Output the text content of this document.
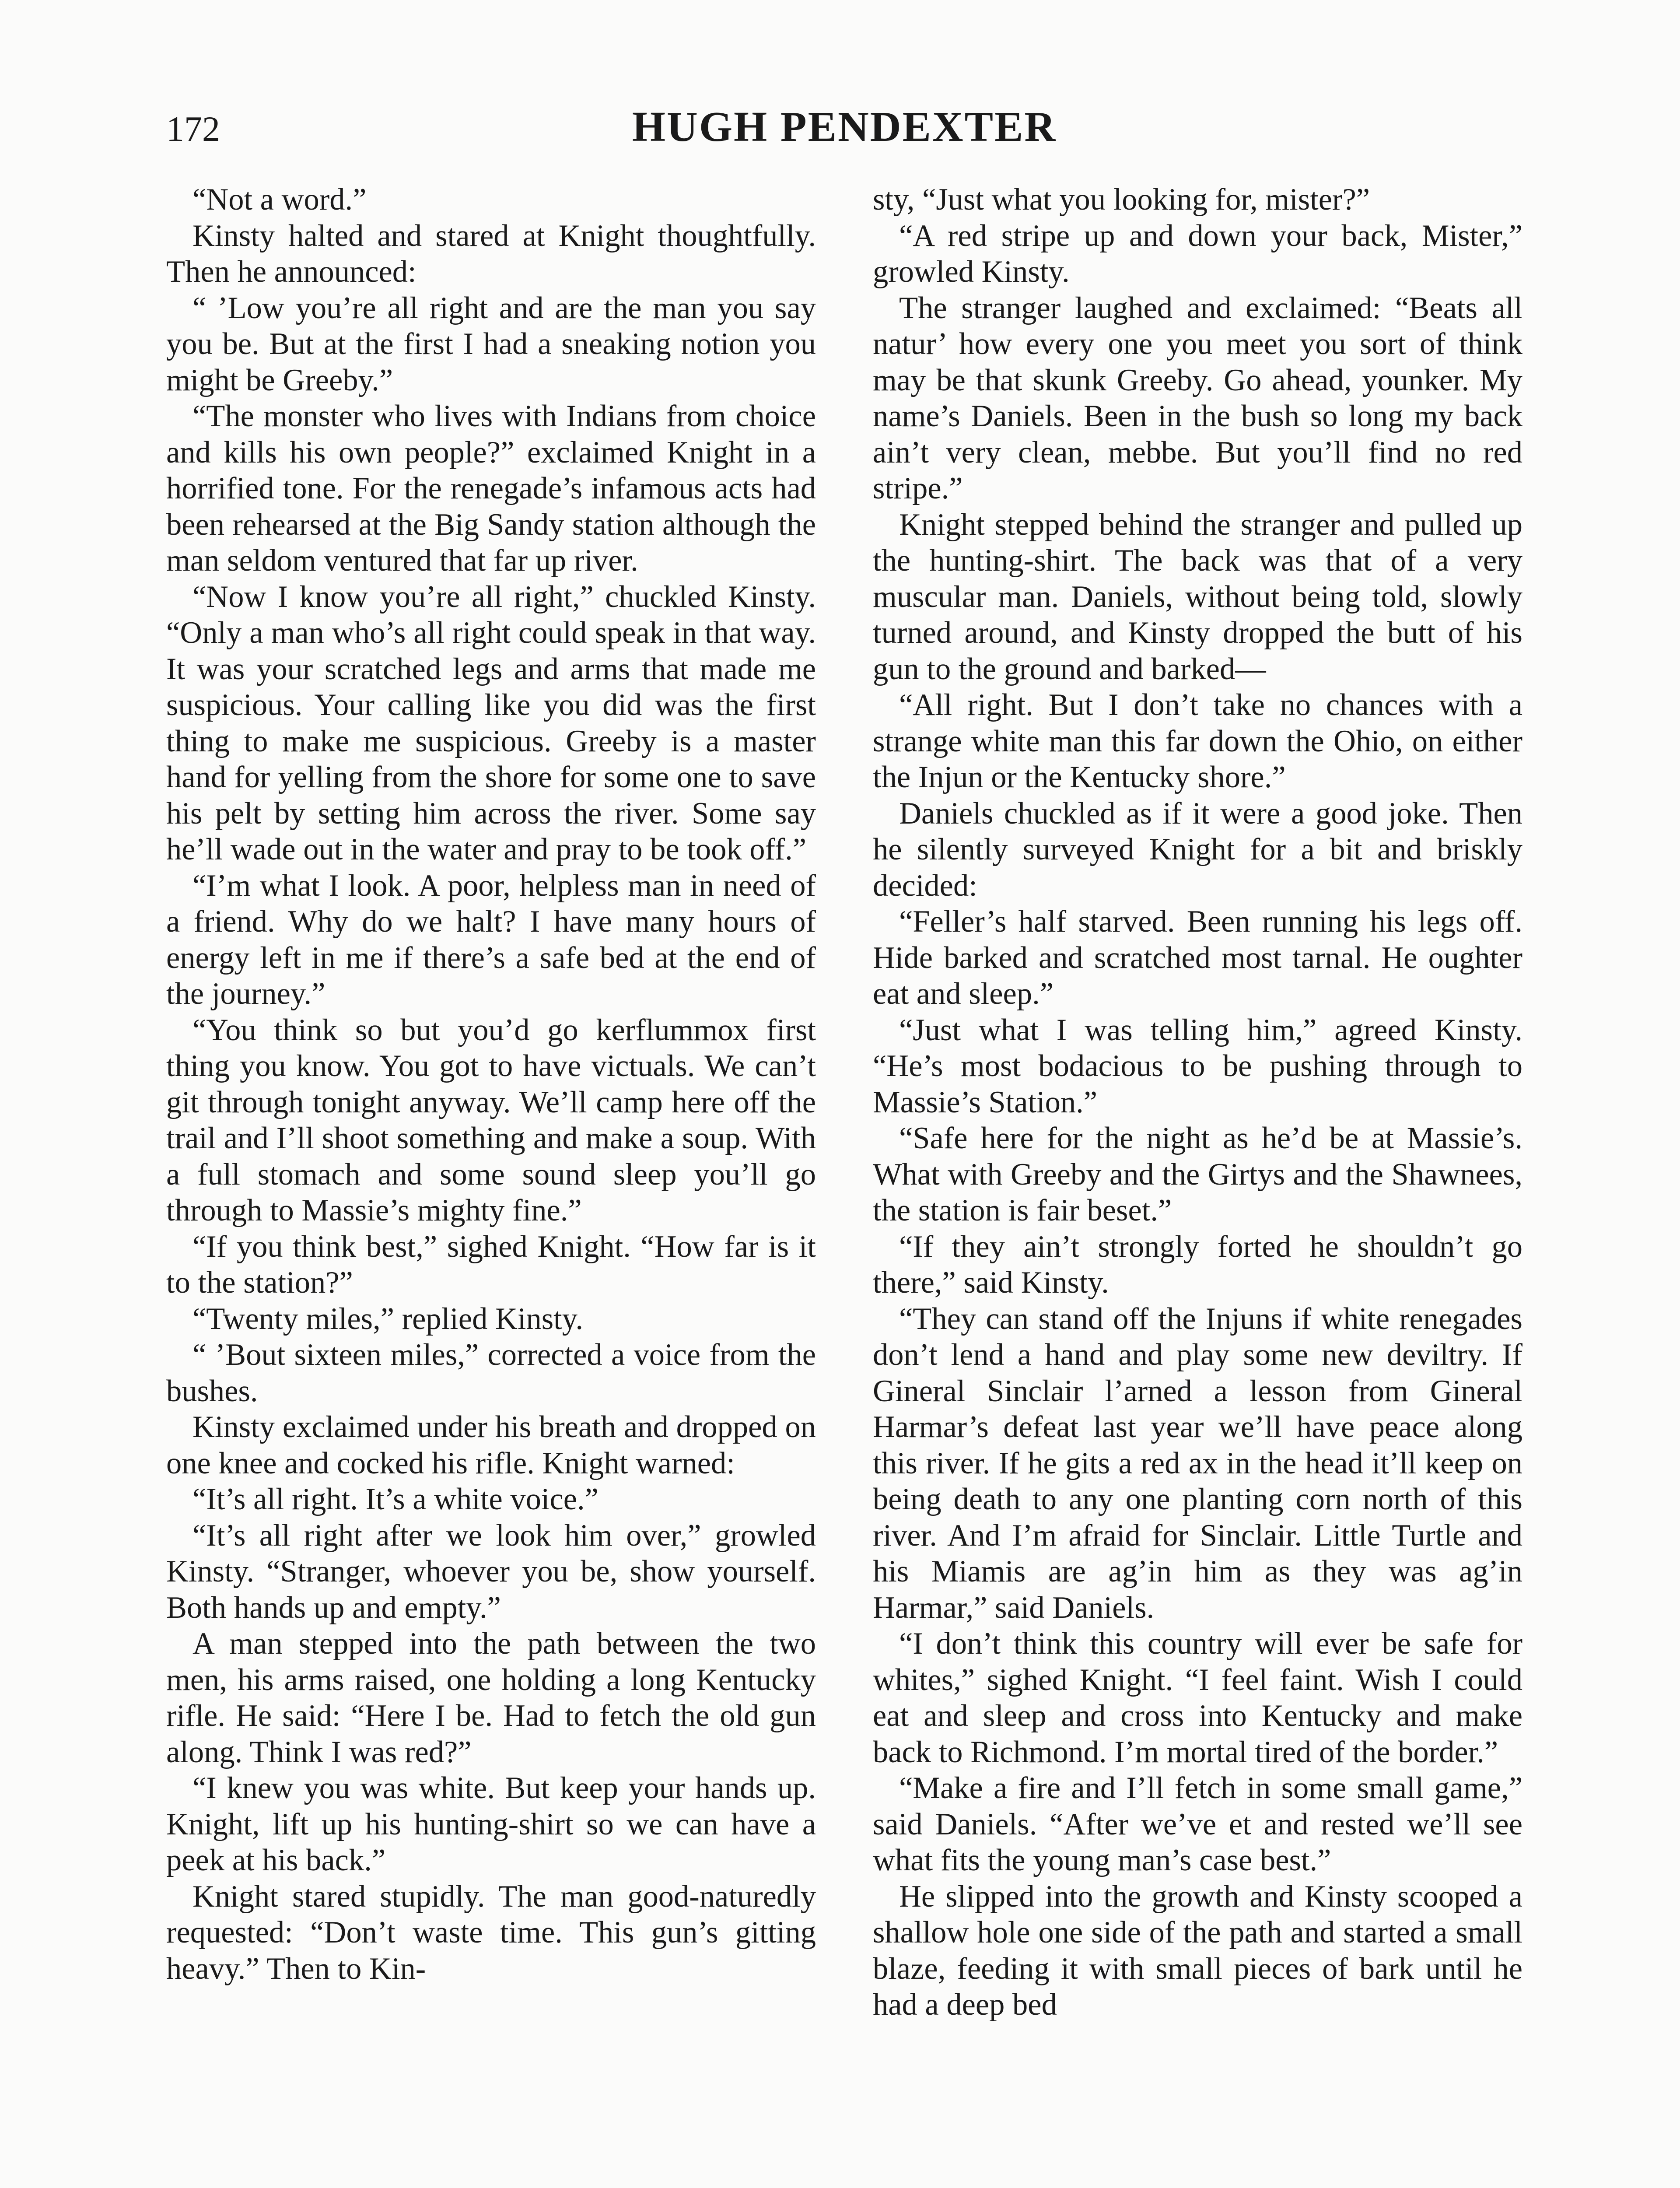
172	HUGH PENDEXTER

“Not a word.”

Kinsty halted and stared at Knight thoughtfully. Then he announced:

“ ’Low you’re all right and are the man you say you be. But at the first I had a sneaking notion you might be Greeby.”

“The monster who lives with Indians from choice and kills his own people?” exclaimed Knight in a horrified tone. For the renegade’s infamous acts had been rehearsed at the Big Sandy station although the man seldom ventured that far up river.

“Now I know you’re all right,” chuckled Kinsty. “Only a man who’s all right could speak in that way. It was your scratched legs and arms that made me suspicious. Your calling like you did was the first thing to make me suspicious. Greeby is a master hand for yelling from the shore for some one to save his pelt by setting him across the river. Some say he’ll wade out in the water and pray to be took off.”

“I’m what I look. A poor, helpless man in need of a friend. Why do we halt? I have many hours of energy left in me if there’s a safe bed at the end of the journey.”

“You think so but you’d go kerflummox first thing you know. You got to have victuals. We can’t git through tonight anyway. We’ll camp here off the trail and I’ll shoot something and make a soup. With a full stomach and some sound sleep you’ll go through to Massie’s mighty fine.”

“If you think best,” sighed Knight. “How far is it to the station?”

“Twenty miles,” replied Kinsty.

“ ’Bout sixteen miles,” corrected a voice from the bushes.

Kinsty exclaimed under his breath and dropped on one knee and cocked his rifle. Knight warned:

“It’s all right. It’s a white voice.”

“It’s all right after we look him over,” growled Kinsty. “Stranger, whoever you be, show yourself. Both hands up and empty.”

A man stepped into the path between the two men, his arms raised, one holding a long Kentucky rifle. He said: “Here I be. Had to fetch the old gun along. Think I was red?”

“I knew you was white. But keep your hands up. Knight, lift up his hunting-shirt so we can have a peek at his back.”

Knight stared stupidly. The man good-naturedly requested: “Don’t waste time. This gun’s gitting heavy.” Then to Kin-

sty, “Just what you looking for, mister?”

“A red stripe up and down your back, Mister,” growled Kinsty.

The stranger laughed and exclaimed: “Beats all natur’ how every one you meet you sort of think may be that skunk Greeby. Go ahead, younker. My name’s Daniels. Been in the bush so long my back ain’t very clean, mebbe. But you’ll find no red stripe.”

Knight stepped behind the stranger and pulled up the hunting-shirt. The back was that of a very muscular man. Daniels, without being told, slowly turned around, and Kinsty dropped the butt of his gun to the ground and barked—

“All right. But I don’t take no chances with a strange white man this far down the Ohio, on either the Injun or the Kentucky shore.”

Daniels chuckled as if it were a good joke. Then he silently surveyed Knight for a bit and briskly decided:

“Feller’s half starved. Been running his legs off. Hide barked and scratched most tarnal. He oughter eat and sleep.”

“Just what I was telling him,” agreed Kinsty. “He’s most bodacious to be pushing through to Massie’s Station.”

“Safe here for the night as he’d be at Massie’s. What with Greeby and the Girtys and the Shawnees, the station is fair beset.”

“If they ain’t strongly forted he shouldn’t go there,” said Kinsty.

“They can stand off the Injuns if white renegades don’t lend a hand and play some new deviltry. If Gineral Sinclair l’arned a lesson from Gineral Harmar’s defeat last year we’ll have peace along this river. If he gits a red ax in the head it’ll keep on being death to any one planting corn north of this river. And I’m afraid for Sinclair. Little Turtle and his Miamis are ag’in him as they was ag’in Harmar,” said Daniels.

“I don’t think this country will ever be safe for whites,” sighed Knight. “I feel faint. Wish I could eat and sleep and cross into Kentucky and make back to Richmond. I’m mortal tired of the border.”

“Make a fire and I’ll fetch in some small game,” said Daniels. “After we’ve et and rested we’ll see what fits the young man’s case best.”

He slipped into the growth and Kinsty scooped a shallow hole one side of the path and started a small blaze, feeding it with small pieces of bark until he had a deep bed
